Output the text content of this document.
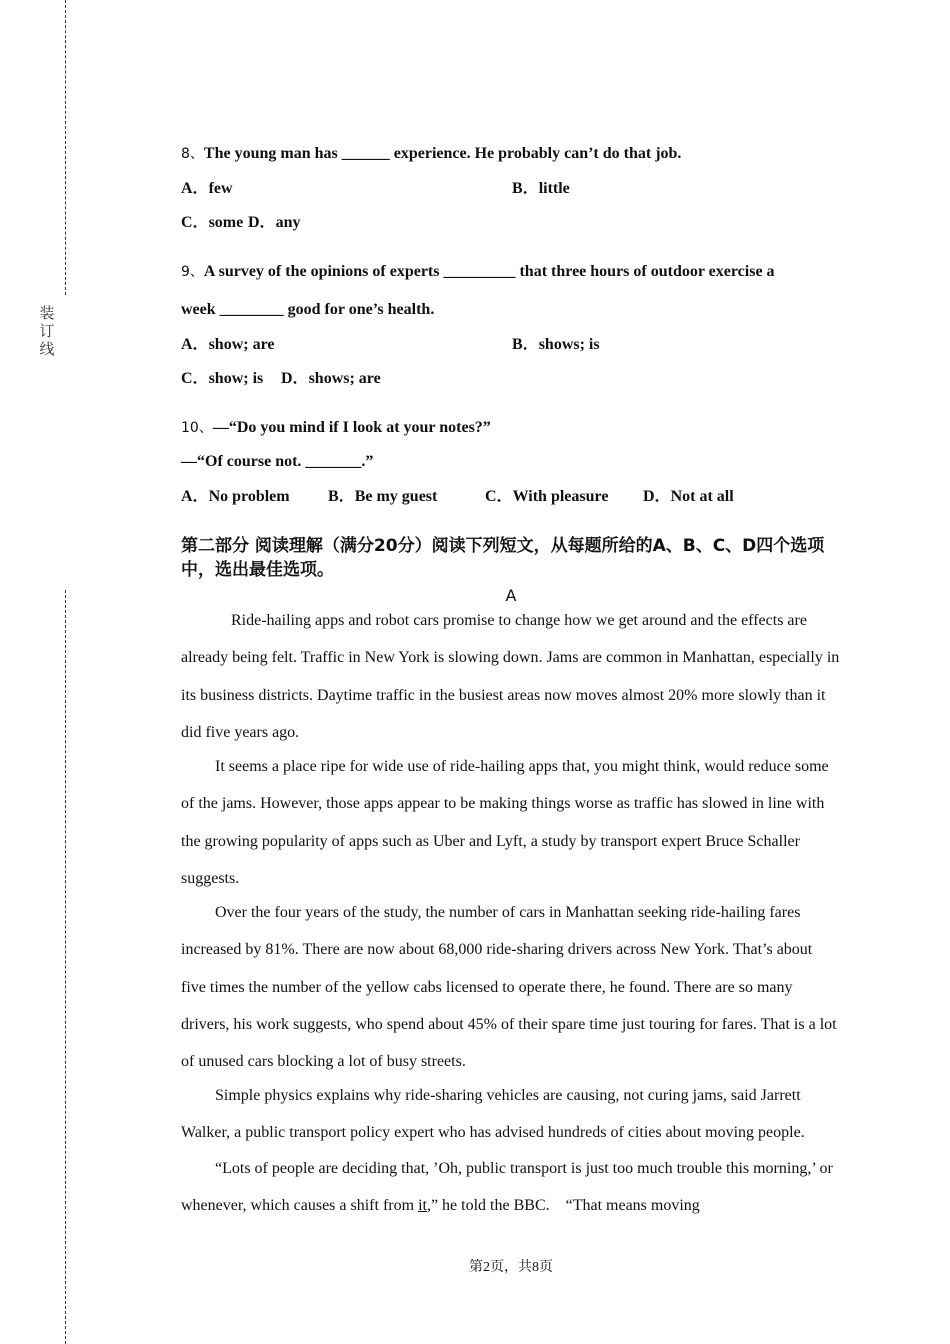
装订线
8、The young man has ______ experience. He probably can’t do that job.
A．few	B．little
C．some D．any
9、A survey of the opinions of experts _________ that three hours of outdoor exercise a
week ________ good for one’s health.
A．show; are	B．shows; is
C．show; is D．shows; are
10、—“Do you mind if I look at your notes?”
—“Of course not. _______.”
A．No problem B．Be my guest	C．With pleasure D．Not at all
第二部分 阅读理解（满分20分）阅读下列短文，从每题所给的A、B、C、D四个选项中，选出最佳选项。
A

Ride-hailing apps and robot cars promise to change how we get around and the effects are already being felt. Traffic in New York is slowing down. Jams are common in Manhattan, especially in its business districts. Daytime traffic in the busiest areas now moves almost 20% more slowly than it did five years ago.

It seems a place ripe for wide use of ride-hailing apps that, you might think, would reduce some of the jams. However, those apps appear to be making things worse as traffic has slowed in line with the growing popularity of apps such as Uber and Lyft, a study by transport expert Bruce Schaller suggests.

Over the four years of the study, the number of cars in Manhattan seeking ride-hailing fares increased by 81%. There are now about 68,000 ride-sharing drivers across New York. That’s about five times the number of the yellow cabs licensed to operate there, he found. There are so many drivers, his work suggests, who spend about 45% of their spare time just touring for fares. That is a lot of unused cars blocking a lot of busy streets.

Simple physics explains why ride-sharing vehicles are causing, not curing jams, said Jarrett Walker, a public transport policy expert who has advised hundreds of cities about moving people.

“Lots of people are deciding that, ’Oh, public transport is just too much trouble this morning,’ or whenever, which causes a shift from it,” he told the BBC.　“That means moving

第2页，共8页
